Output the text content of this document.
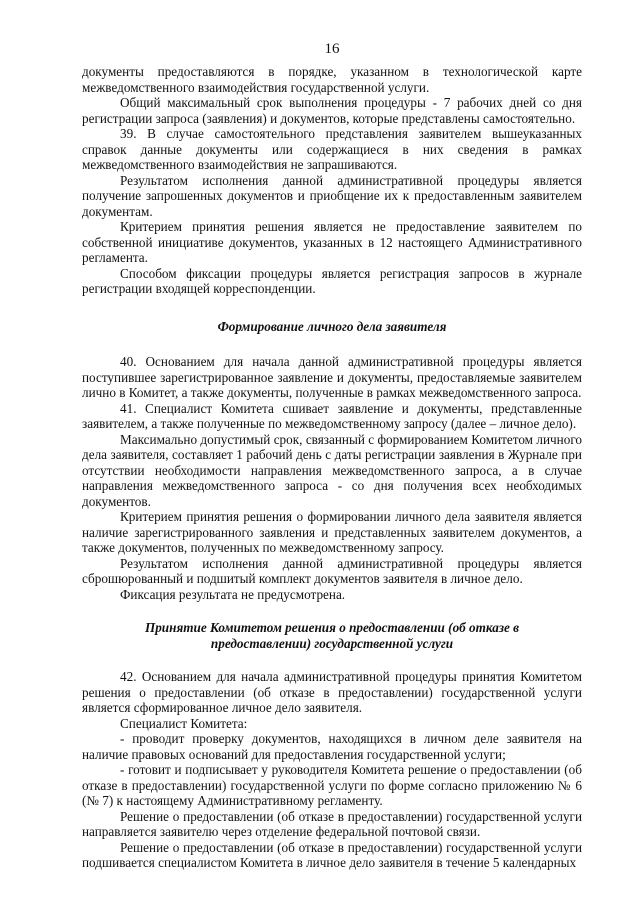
16

документы предоставляются в порядке, указанном в технологической карте межведомственного взаимодействия государственной услуги.

Общий максимальный срок выполнения процедуры - 7 рабочих дней со дня регистрации запроса (заявления) и документов, которые представлены самостоятельно.

39. В случае самостоятельного представления заявителем вышеуказанных справок данные документы или содержащиеся в них сведения в рамках межведомственного взаимодействия не запрашиваются.

Результатом исполнения данной административной процедуры является получение запрошенных документов и приобщение их к предоставленным заявителем документам.

Критерием принятия решения является не предоставление заявителем по собственной инициативе документов, указанных в 12 настоящего Административного регламента.

Способом фиксации процедуры является регистрация запросов в журнале регистрации входящей корреспонденции.

Формирование личного дела заявителя

40. Основанием для начала данной административной процедуры является поступившее зарегистрированное заявление и документы, предоставляемые заявителем лично в Комитет, а также документы, полученные в рамках межведомственного запроса.

41. Специалист Комитета сшивает заявление и документы, представленные заявителем, а также полученные по межведомственному запросу (далее – личное дело).

Максимально допустимый срок, связанный с формированием Комитетом личного дела заявителя, составляет 1 рабочий день с даты регистрации заявления в Журнале при отсутствии необходимости направления межведомственного запроса, а в случае направления межведомственного запроса - со дня получения всех необходимых документов.

Критерием принятия решения о формировании личного дела заявителя является наличие зарегистрированного заявления и представленных заявителем документов, а также документов, полученных по межведомственному запросу.

Результатом исполнения данной административной процедуры является сброшюрованный и подшитый комплект документов заявителя в личное дело.

Фиксация результата не предусмотрена.

Принятие Комитетом решения о предоставлении (об отказе в

предоставлении) государственной услуги

42. Основанием для начала административной процедуры принятия Комитетом решения о предоставлении (об отказе в предоставлении) государственной услуги является сформированное личное дело заявителя.

Специалист Комитета:

- проводит проверку документов, находящихся в личном деле заявителя на наличие правовых оснований для предоставления государственной услуги;

- готовит и подписывает у руководителя Комитета решение о предоставлении (об отказе в предоставлении) государственной услуги по форме согласно приложению № 6 (№ 7) к настоящему Административному регламенту.

Решение о предоставлении (об отказе в предоставлении) государственной услуги направляется заявителю через отделение федеральной почтовой связи.

Решение о предоставлении (об отказе в предоставлении) государственной услуги подшивается специалистом Комитета в личное дело заявителя в течение 5 календарных
